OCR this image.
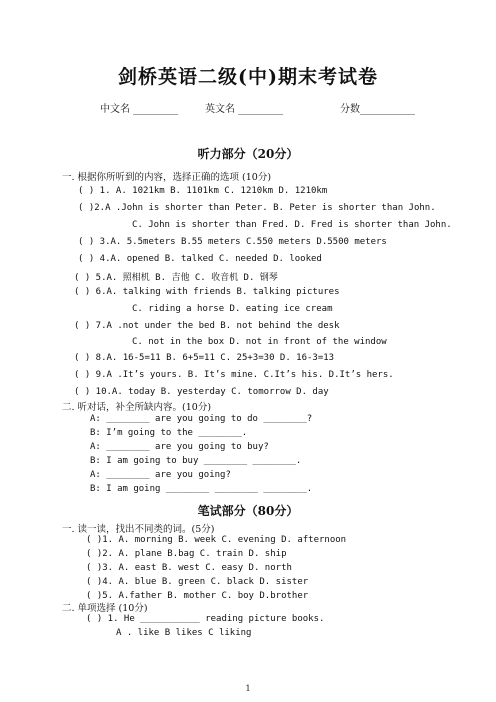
剑桥英语二级(中)期末考试卷
中文名 _________	英文名 _________	分数___________
听力部分（20分）
一. 根据你所听到的内容，选择正确的选项 (10分)
( ) 1. A. 1021km B. 1101km C. 1210km D. 1210km
( )2.A .John is shorter than Peter. B. Peter is shorter than John.
C. John is shorter than Fred. D. Fred is shorter than John.
( ) 3.A. 5.5meters B.55 meters C.550 meters D.5500 meters
( ) 4.A. opened B. talked C. needed D. looked
( ) 5.A. 照相机 B. 吉他 C. 收音机 D. 钢琴
( ) 6.A. talking with friends B. talking pictures
C. riding a horse D. eating ice cream
( ) 7.A .not under the bed B. not behind the desk
C. not in the box D. not in front of the window
( ) 8.A. 16-5=11 B. 6+5=11 C. 25+3=30 D. 16-3=13
( ) 9.A .It’s yours. B. It’s mine. C.It’s his. D.It’s hers.
( ) 10.A. today B. yesterday C. tomorrow D. day
二. 听对话，补全所缺内容。(10分)
A: ________ are you going to do ________?
B: I’m going to the ________.
A: ________ are you going to buy?
B: I am going to buy ________ ________.
A: ________ are you going?
B: I am going ________ ________ ________.
笔试部分（80分）
一. 读一读，找出不同类的词。(5分)
( )1. A. morning B. week C. evening D. afternoon
( )2. A. plane B.bag C. train D. ship
( )3. A. east B. west C. easy D. north
( )4. A. blue B. green C. black D. sister
( )5. A.father B. mother C. boy D.brother
二. 单项选择 (10分)
( ) 1. He ___________ reading picture books.
A . like B likes C liking
1
